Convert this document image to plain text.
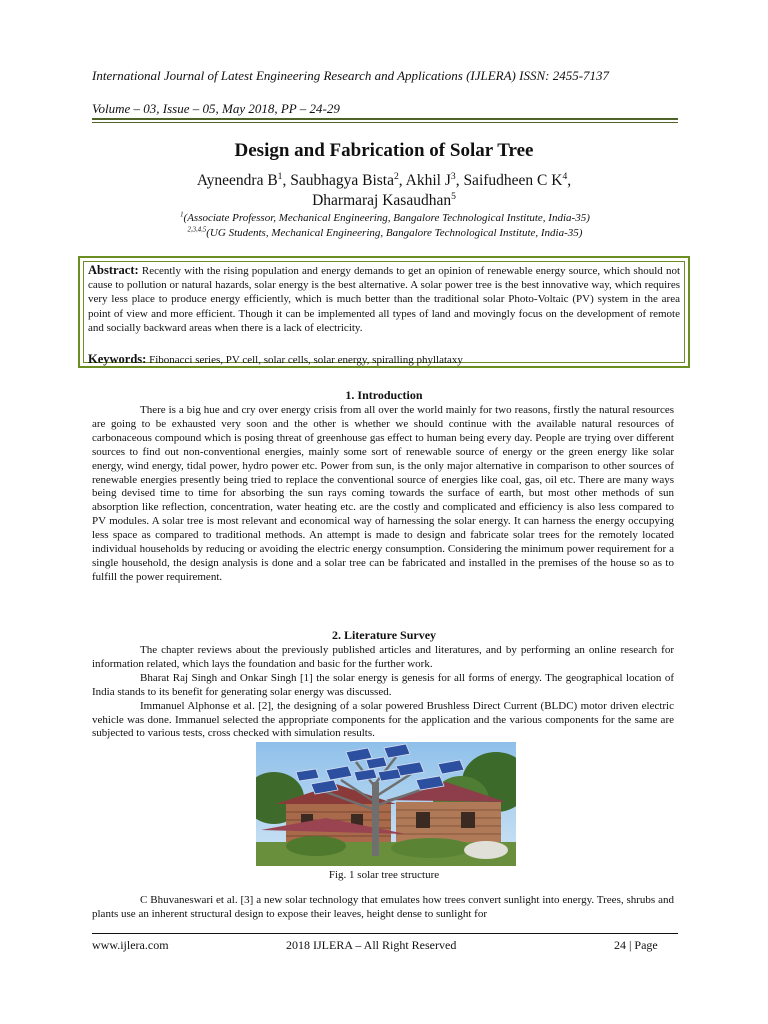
International Journal of Latest Engineering Research and Applications (IJLERA) ISSN: 2455-7137
Volume – 03, Issue – 05, May 2018, PP – 24-29
Design and Fabrication of Solar Tree
Ayneendra $B^1$, Saubhagya Bista$^2$, Akhil $J^3$, Saifudheen C $K^4$,
Dharmaraj Kasaudhan$^5$
$^1$(Associate Professor, Mechanical Engineering, Bangalore Technological Institute, India-35)
$^{2,3,4,5}$(UG Students, Mechanical Engineering, Bangalore Technological Institute, India-35)
Abstract: Recently with the rising population and energy demands to get an opinion of renewable energy source, which should not cause to pollution or natural hazards, solar energy is the best alternative. A solar power tree is the best innovative way, which requires very less place to produce energy efficiently, which is much better than the traditional solar Photo-Voltaic (PV) system in the area point of view and more efficient. Though it can be implemented all types of land and movingly focus on the development of remote and socially backward areas when there is a lack of electricity.
Keywords: Fibonacci series, PV cell, solar cells, solar energy, spiralling phyllataxy
1. Introduction

There is a big hue and cry over energy crisis from all over the world mainly for two reasons, firstly the natural resources are going to be exhausted very soon and the other is whether we should continue with the available natural resources of carbonaceous compound which is posing threat of greenhouse gas effect to human being every day. People are trying over different sources to find out non-conventional energies, mainly some sort of renewable source of energy or the green energy like solar energy, wind energy, tidal power, hydro power etc. Power from sun, is the only major alternative in comparison to other sources of renewable energies presently being tried to replace the conventional source of energies like coal, gas, oil etc. There are many ways being devised time to time for absorbing the sun rays coming towards the surface of earth, but most other methods of sun absorption like reflection, concentration, water heating etc. are the costly and complicated and efficiency is also less compared to PV modules. A solar tree is most relevant and economical way of harnessing the solar energy. It can harness the energy occupying less space as compared to traditional methods. An attempt is made to design and fabricate solar trees for the remotely located individual households by reducing or avoiding the electric energy consumption. Considering the minimum power requirement for a single household, the design analysis is done and a solar tree can be fabricated and installed in the premises of the house so as to fulfill the power requirement.

2. Literature Survey

The chapter reviews about the previously published articles and literatures, and by performing an online research for information related, which lays the foundation and basic for the further work.

Bharat Raj Singh and Onkar Singh [1] the solar energy is genesis for all forms of energy. The geographical location of India stands to its benefit for generating solar energy was discussed.

Immanuel Alphonse et al. [2], the designing of a solar powered Brushless Direct Current (BLDC) motor driven electric vehicle was done. Immanuel selected the appropriate components for the application and the various components for the same are subjected to various tests, cross checked with simulation results.

Fig. 1 solar tree structure

C Bhuvaneswari et al. [3] a new solar technology that emulates how trees convert sunlight into energy. Trees, shrubs and plants use an inherent structural design to expose their leaves, height dense to sunlight for

www.ijlera.com	2018 IJLERA – All Right Reserved	24 | Page
